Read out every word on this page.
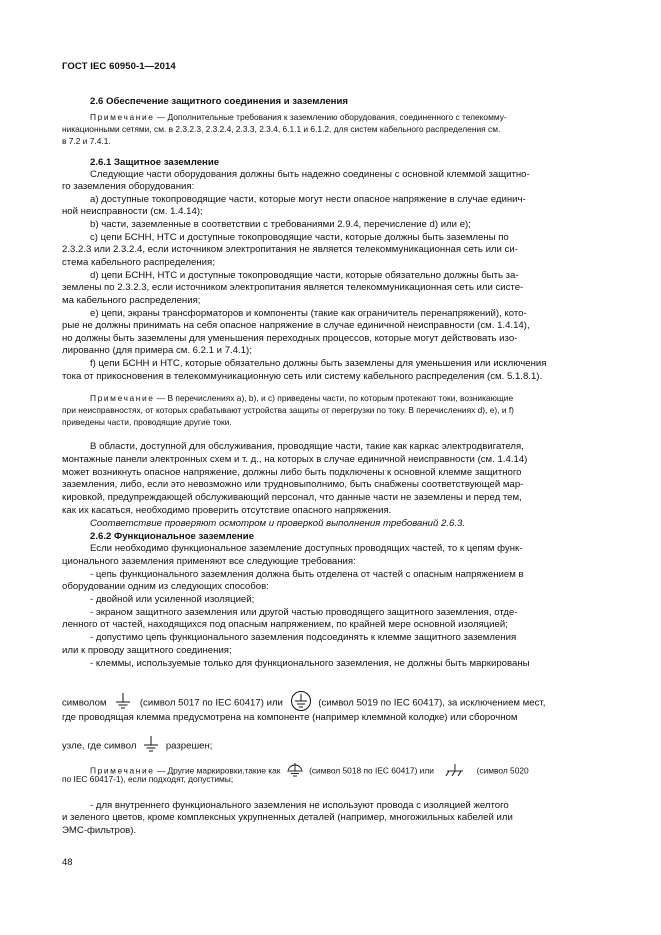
ГОСТ IEC 60950-1—2014
2.6 Обеспечение защитного соединения и заземления
Примечание — Дополнительные требования к заземлению оборудования, соединенного с телекомму-
никационными сетями, см. в 2.3.2.3, 2.3.2.4, 2.3.3, 2.3.4, 6.1.1 и 6.1.2, для систем кабельного распределения см.
в 7.2 и 7.4.1.
2.6.1 Защитное заземление
Следующие части оборудования должны быть надежно соединены с основной клеммой защитно-
го заземления оборудования:
а) доступные токопроводящие части, которые могут нести опасное напряжение в случае единич-
ной неисправности (см. 1.4.14);
b) части, заземленные в соответствии с требованиями 2.9.4, перечисление d) или e);
с) цепи БСНН, НТС и доступные токопроводящие части, которые должны быть заземлены по
2.3.2.3 или 2.3.2.4, если источником электропитания не является телекоммуникационная сеть или си-
стема кабельного распределения;
d) цепи БСНН, НТС и доступные токопроводящие части, которые обязательно должны быть за-
землены по 2.3.2.3, если источником электропитания является телекоммуникационная сеть или систе-
ма кабельного распределения;
е) цепи, экраны трансформаторов и компоненты (такие как ограничитель перенапряжений), кото-
рые не должны принимать на себя опасное напряжение в случае единичной неисправности (см. 1.4.14),
но должны быть заземлены для уменьшения переходных процессов, которые могут действовать изо-
лированно (для примера см. 6.2.1 и 7.4.1);
f) цепи БСНН и НТС, которые обязательно должны быть заземлены для уменьшения или исключения
тока от прикосновения в телекоммуникационную сеть или систему кабельного распределения (см. 5.1.8.1).
Примечание — В перечислениях а), b), и с) приведены части, по которым протекают токи, возникающие
при неисправностях, от которых срабатывают устройства защиты от перегрузки по току. В перечислениях d), е), и f)
приведены части, проводящие другие токи.
В области, доступной для обслуживания, проводящие части, такие как каркас электродвигателя,
монтажные панели электронных схем и т. д., на которых в случае единичной неисправности (см. 1.4.14)
может возникнуть опасное напряжение, должны либо быть подключены к основной клемме защитного
заземления, либо, если это невозможно или трудновыполнимо, быть снабжены соответствующей мар-
кировкой, предупреждающей обслуживающий персонал, что данные части не заземлены и перед тем,
как их касаться, необходимо проверить отсутствие опасного напряжения.
Соответствие проверяют осмотром и проверкой выполнения требований 2.6.3.
2.6.2 Функциональное заземление
Если необходимо функциональное заземление доступных проводящих частей, то к цепям функ-
ционального заземления применяют все следующие требования:
- цепь функционального заземления должна быть отделена от частей с опасным напряжением в
оборудовании одним из следующих способов:
- двойной или усиленной изоляцией;
- экраном защитного заземления или другой частью проводящего защитного заземления, отде-
ленного от частей, находящихся под опасным напряжением, по крайней мере основной изоляцией;
- допустимо цепь функционального заземления подсоединять к клемме защитного заземления
или к проводу защитного соединения;
- клеммы, используемые только для функционального заземления, не должны быть маркированы
где проводящая клемма предусмотрена на компоненте (например клеммной колодке) или сборочном
- для внутреннего функционального заземления не используют провода с изоляцией желтого
и зеленого цветов, кроме комплексных укрупненных деталей (например, многожильных кабелей или
ЭМС-фильтров).
символом	(символ 5017 по IEC 60417) или	(символ 5019 по IEC 60417), за исключением мест,
узле, где символ	разрешен;
Примечание — Другие маркировки,такие как	(символ 5018 по IEC 60417) или	(символ 5020
по IEC 60417-1), если подходят, допустимы;
48
